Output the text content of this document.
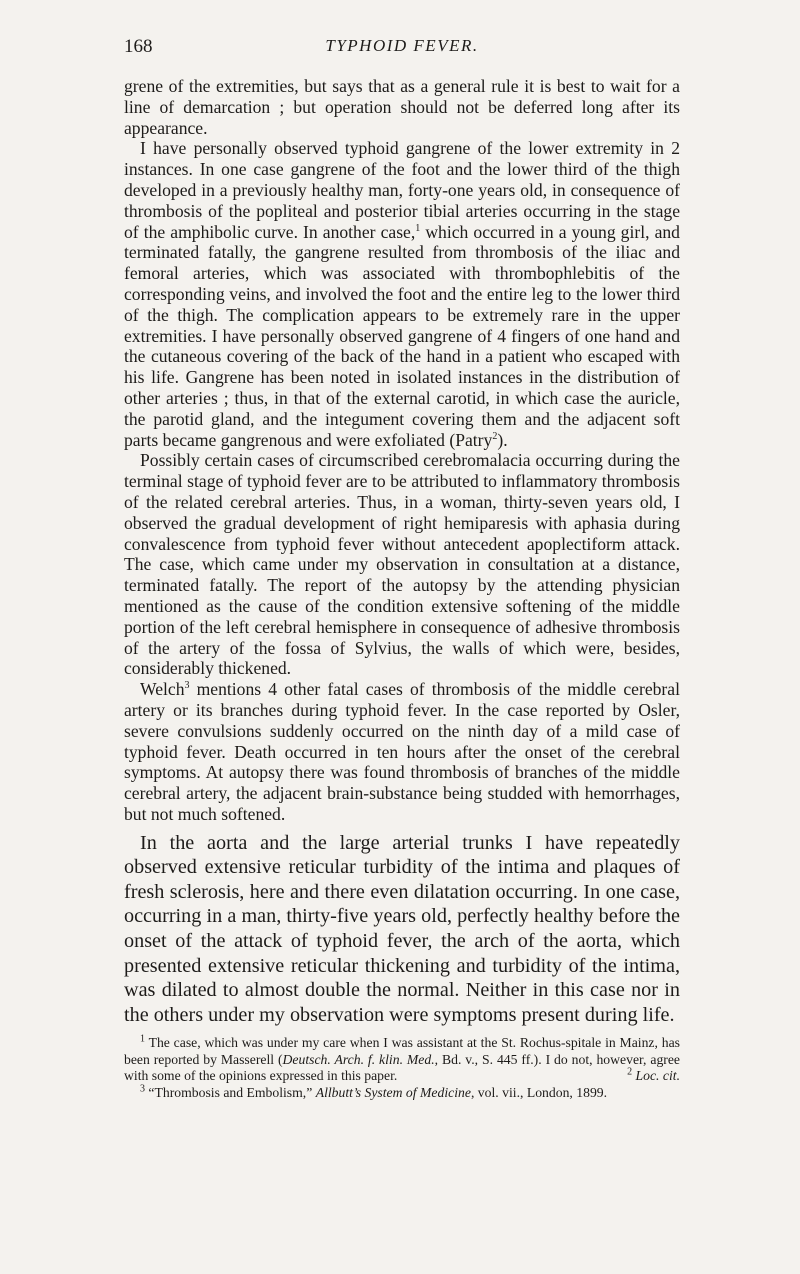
168	TYPHOID FEVER.

grene of the extremities, but says that as a general rule it is best to wait for a line of demarcation ; but operation should not be deferred long after its appearance.

I have personally observed typhoid gangrene of the lower extremity in 2 instances. In one case gangrene of the foot and the lower third of the thigh developed in a previously healthy man, forty-one years old, in consequence of thrombosis of the popliteal and posterior tibial arteries occurring in the stage of the amphibolic curve. In another case,$^1$ which occurred in a young girl, and terminated fatally, the gangrene resulted from thrombosis of the iliac and femoral arteries, which was associated with thrombophlebitis of the corresponding veins, and involved the foot and the entire leg to the lower third of the thigh. The complication appears to be extremely rare in the upper extremities. I have personally observed gangrene of 4 fingers of one hand and the cutaneous covering of the back of the hand in a patient who escaped with his life. Gangrene has been noted in isolated instances in the distribution of other arteries ; thus, in that of the external carotid, in which case the auricle, the parotid gland, and the integument covering them and the adjacent soft parts became gangrenous and were exfoliated (Patry$^2$).

Possibly certain cases of circumscribed cerebromalacia occurring during the terminal stage of typhoid fever are to be attributed to inflammatory thrombosis of the related cerebral arteries. Thus, in a woman, thirty-seven years old, I observed the gradual development of right hemiparesis with aphasia during convalescence from typhoid fever without antecedent apoplectiform attack. The case, which came under my observation in consultation at a distance, terminated fatally. The report of the autopsy by the attending physician mentioned as the cause of the condition extensive softening of the middle portion of the left cerebral hemisphere in consequence of adhesive thrombosis of the artery of the fossa of Sylvius, the walls of which were, besides, considerably thickened.

Welch$^3$ mentions 4 other fatal cases of thrombosis of the middle cerebral artery or its branches during typhoid fever. In the case reported by Osler, severe convulsions suddenly occurred on the ninth day of a mild case of typhoid fever. Death occurred in ten hours after the onset of the cerebral symptoms. At autopsy there was found thrombosis of branches of the middle cerebral artery, the adjacent brain-substance being studded with hemorrhages, but not much softened.

In the aorta and the large arterial trunks I have repeatedly observed extensive reticular turbidity of the intima and plaques of fresh sclerosis, here and there even dilatation occurring. In one case, occurring in a man, thirty-five years old, perfectly healthy before the onset of the attack of typhoid fever, the arch of the aorta, which presented extensive reticular thickening and turbidity of the intima, was dilated to almost double the normal. Neither in this case nor in the others under my observation were symptoms present during life.

$^1$ The case, which was under my care when I was assistant at the St. Rochus-spitale in Mainz, has been reported by Masserell (Deutsch. Arch. f. klin. Med., Bd. v., S. 445 ff.). I do not, however, agree with some of the opinions expressed in this paper.	$^2$ Loc. cit.

$^3$ “Thrombosis and Embolism,” Allbutt’s System of Medicine, vol. vii., London, 1899.
